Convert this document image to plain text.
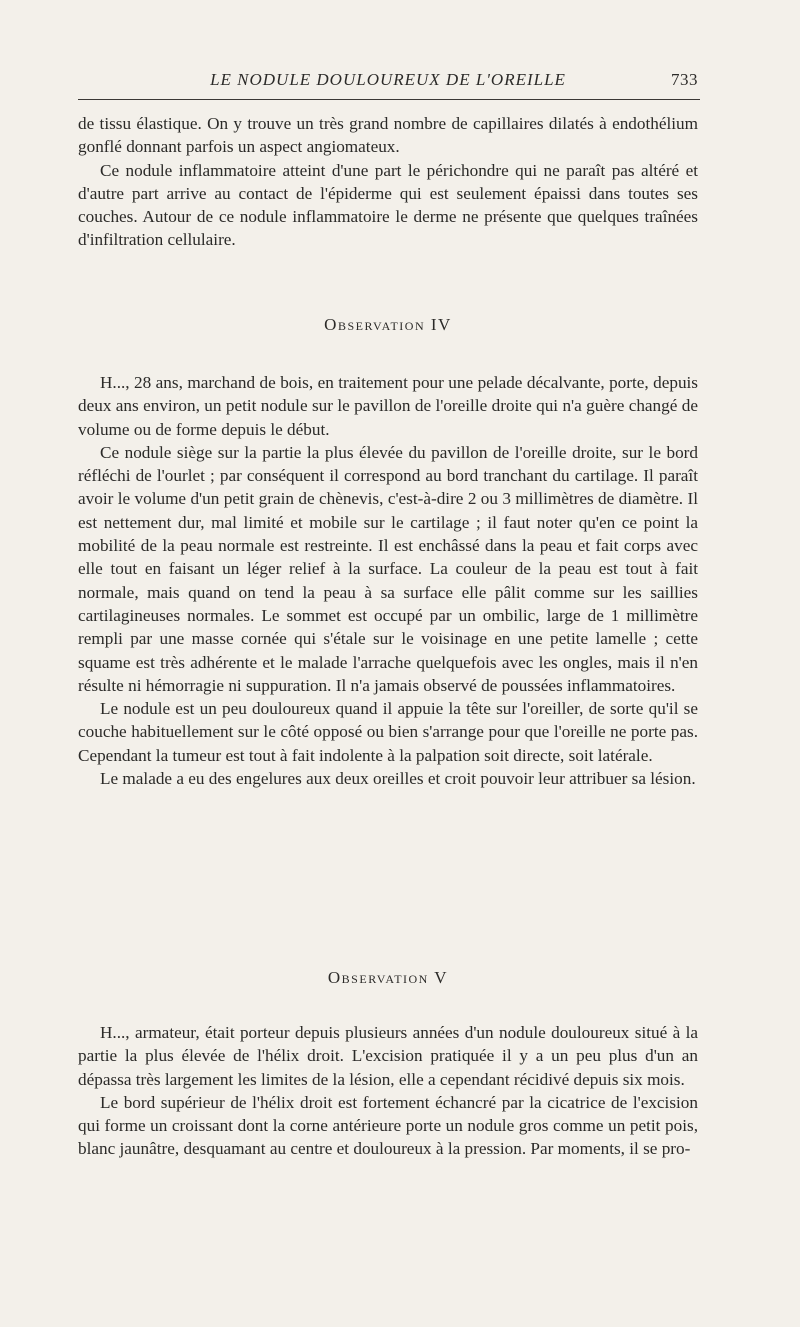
LE NODULE DOULOUREUX DE L'OREILLE	733

de tissu élastique. On y trouve un très grand nombre de capillaires dilatés à endothélium gonflé donnant parfois un aspect angiomateux.

Ce nodule inflammatoire atteint d'une part le périchondre qui ne paraît pas altéré et d'autre part arrive au contact de l'épiderme qui est seulement épaissi dans toutes ses couches. Autour de ce nodule inflammatoire le derme ne présente que quelques traînées d'infiltration cellulaire.

Observation IV

H..., 28 ans, marchand de bois, en traitement pour une pelade décalvante, porte, depuis deux ans environ, un petit nodule sur le pavillon de l'oreille droite qui n'a guère changé de volume ou de forme depuis le début.

Ce nodule siège sur la partie la plus élevée du pavillon de l'oreille droite, sur le bord réfléchi de l'ourlet ; par conséquent il correspond au bord tranchant du cartilage. Il paraît avoir le volume d'un petit grain de chènevis, c'est-à-dire 2 ou 3 millimètres de diamètre. Il est nettement dur, mal limité et mobile sur le cartilage ; il faut noter qu'en ce point la mobilité de la peau normale est restreinte. Il est enchâssé dans la peau et fait corps avec elle tout en faisant un léger relief à la surface. La couleur de la peau est tout à fait normale, mais quand on tend la peau à sa surface elle pâlit comme sur les saillies cartilagineuses normales. Le sommet est occupé par un ombilic, large de 1 millimètre rempli par une masse cornée qui s'étale sur le voisinage en une petite lamelle ; cette squame est très adhérente et le malade l'arrache quelquefois avec les ongles, mais il n'en résulte ni hémorragie ni suppuration. Il n'a jamais observé de poussées inflammatoires.

Le nodule est un peu douloureux quand il appuie la tête sur l'oreiller, de sorte qu'il se couche habituellement sur le côté opposé ou bien s'arrange pour que l'oreille ne porte pas. Cependant la tumeur est tout à fait indolente à la palpation soit directe, soit latérale.

Le malade a eu des engelures aux deux oreilles et croit pouvoir leur attribuer sa lésion.

Observation V

H..., armateur, était porteur depuis plusieurs années d'un nodule douloureux situé à la partie la plus élevée de l'hélix droit. L'excision pratiquée il y a un peu plus d'un an dépassa très largement les limites de la lésion, elle a cependant récidivé depuis six mois.

Le bord supérieur de l'hélix droit est fortement échancré par la cicatrice de l'excision qui forme un croissant dont la corne antérieure porte un nodule gros comme un petit pois, blanc jaunâtre, desquamant au centre et douloureux à la pression. Par moments, il se pro-
